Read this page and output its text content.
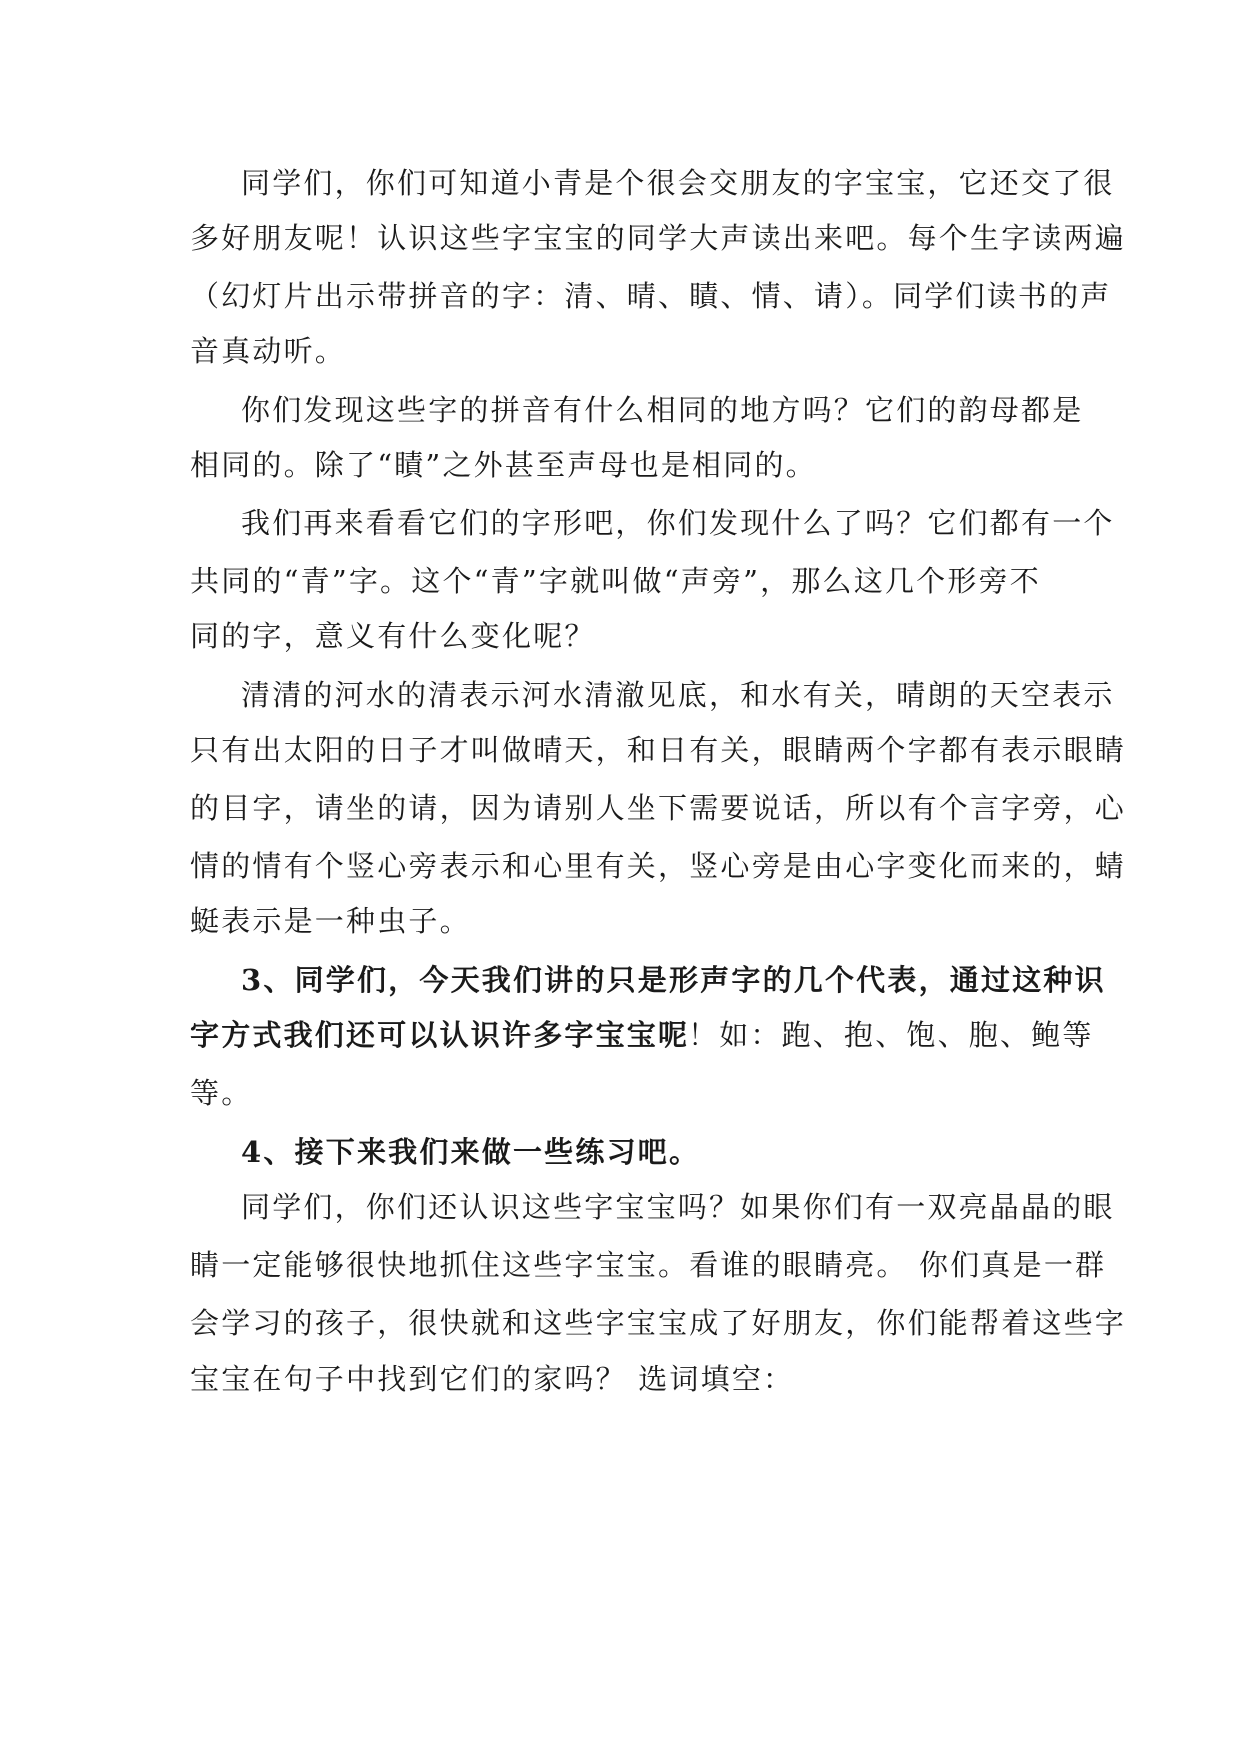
同学们，你们可知道小青是个很会交朋友的字宝宝，它还交了很
多好朋友呢！认识这些字宝宝的同学大声读出来吧。每个生字读两遍
（幻灯片出示带拼音的字：清、晴、瞔、情、请）。同学们读书的声
音真动听。
你们发现这些字的拼音有什么相同的地方吗？它们的韵母都是
相同的。除了“瞔”之外甚至声母也是相同的。
我们再来看看它们的字形吧，你们发现什么了吗？它们都有一个
共同的“青”字。这个“青”字就叫做“声旁”，那么这几个形旁不
同的字，意义有什么变化呢？
清清的河水的清表示河水清澈见底，和水有关，晴朗的天空表示
只有出太阳的日子才叫做晴天，和日有关，眼睛两个字都有表示眼睛
的目字，请坐的请，因为请别人坐下需要说话，所以有个言字旁，心
情的情有个竖心旁表示和心里有关，竖心旁是由心字变化而来的，蜻
蜓表示是一种虫子。
3、同学们，今天我们讲的只是形声字的几个代表，通过这种识
字方式我们还可以认识许多字宝宝呢
！如：跑、抱、饱、胞、鲍等
等。
4、接下来我们来做一些练习吧。
同学们，你们还认识这些字宝宝吗？如果你们有一双亮晶晶的眼
睛一定能够很快地抓住这些字宝宝。看谁的眼睛亮。 你们真是一群
会学习的孩子，很快就和这些字宝宝成了好朋友，你们能帮着这些字
宝宝在句子中找到它们的家吗？ 选词填空：
